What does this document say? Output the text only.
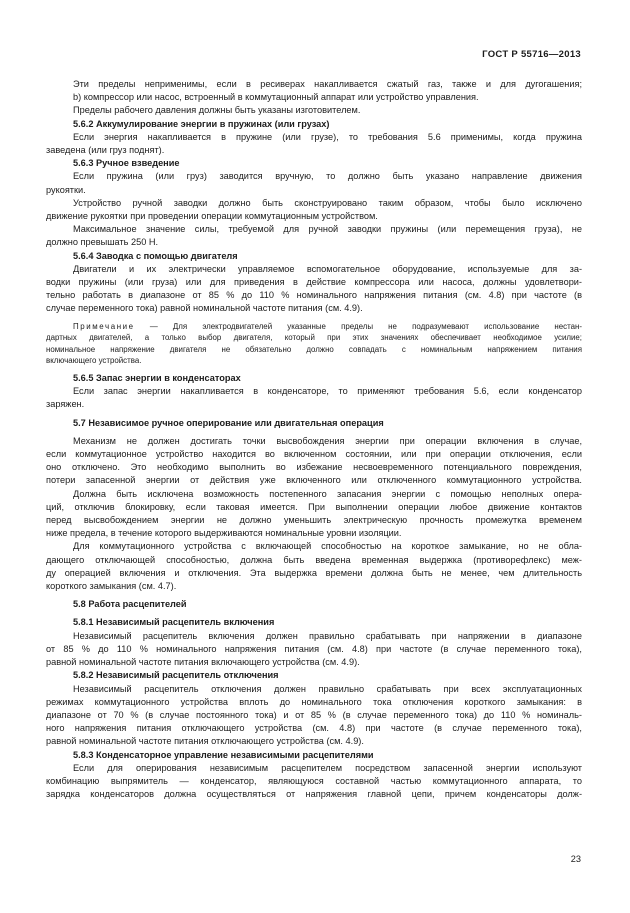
ГОСТ Р 55716—2013
Эти пределы неприменимы, если в ресиверах накапливается сжатый газ, также и для дугогашения;
b) компрессор или насос, встроенный в коммутационный аппарат или устройство управления.
Пределы рабочего давления должны быть указаны изготовителем.
5.6.2 Аккумулирование энергии в пружинах (или грузах)
Если энергия накапливается в пружине (или грузе), то требования 5.6 применимы, когда пружина
заведена (или груз поднят).
5.6.3 Ручное взведение
Если пружина (или груз) заводится вручную, то должно быть указано направление движения
рукоятки.
Устройство ручной заводки должно быть сконструировано таким образом, чтобы было исключено
движение рукоятки при проведении операции коммутационным устройством.
Максимальное значение силы, требуемой для ручной заводки пружины (или перемещения груза), не
должно превышать 250 Н.
5.6.4 Заводка с помощью двигателя
Двигатели и их электрически управляемое вспомогательное оборудование, используемые для за-
водки пружины (или груза) или для приведения в действие компрессора или насоса, должны удовлетвори-
тельно работать в диапазоне от 85 % до 110 % номинального напряжения питания (см. 4.8) при частоте (в
случае переменного тока) равной номинальной частоте питания (см. 4.9).
Примечание — Для электродвигателей указанные пределы не подразумевают использование нестан-
дартных двигателей, а только выбор двигателя, который при этих значениях обеспечивает необходимое усилие;
номинальное напряжение двигателя не обязательно должно совпадать с номинальным напряжением питания
включающего устройства.
5.6.5 Запас энергии в конденсаторах
Если запас энергии накапливается в конденсаторе, то применяют требования 5.6, если конденсатор
заряжен.
5.7 Независимое ручное оперирование или двигательная операция
Механизм не должен достигать точки высвобождения энергии при операции включения в случае,
если коммутационное устройство находится во включенном состоянии, или при операции отключения, если
оно отключено. Это необходимо выполнить во избежание несвоевременного потенциального повреждения,
потери запасенной энергии от действия уже включенного или отключенного коммутационного устройства.
Должна быть исключена возможность постепенного запасания энергии с помощью неполных опера-
ций, отключив блокировку, если таковая имеется. При выполнении операции любое движение контактов
перед высвобождением энергии не должно уменьшить электрическую прочность промежутка временем
ниже предела, в течение которого выдерживаются номинальные уровни изоляции.
Для коммутационного устройства с включающей способностью на короткое замыкание, но не обла-
дающего отключающей способностью, должна быть введена временная выдержка (противорефлекс) меж-
ду операцией включения и отключения. Эта выдержка времени должна быть не менее, чем длительность
короткого замыкания (см. 4.7).
5.8 Работа расцепителей
5.8.1 Независимый расцепитель включения
Независимый расцепитель включения должен правильно срабатывать при напряжении в диапазоне
от 85 % до 110 % номинального напряжения питания (см. 4.8) при частоте (в случае переменного тока),
равной номинальной частоте питания включающего устройства (см. 4.9).
5.8.2 Независимый расцепитель отключения
Независимый расцепитель отключения должен правильно срабатывать при всех эксплуатационных
режимах коммутационного устройства вплоть до номинального тока отключения короткого замыкания: в
диапазоне от 70 % (в случае постоянного тока) и от 85 % (в случае переменного тока) до 110 % номиналь-
ного напряжения питания отключающего устройства (см. 4.8) при частоте (в случае переменного тока),
равной номинальной частоте питания отключающего устройства (см. 4.9).
5.8.3 Конденсаторное управление независимыми расцепителями
Если для оперирования независимым расцепителем посредством запасенной энергии используют
комбинацию выпрямитель — конденсатор, являющуюся составной частью коммутационного аппарата, то
зарядка конденсаторов должна осуществляться от напряжения главной цепи, причем конденсаторы долж-
23
